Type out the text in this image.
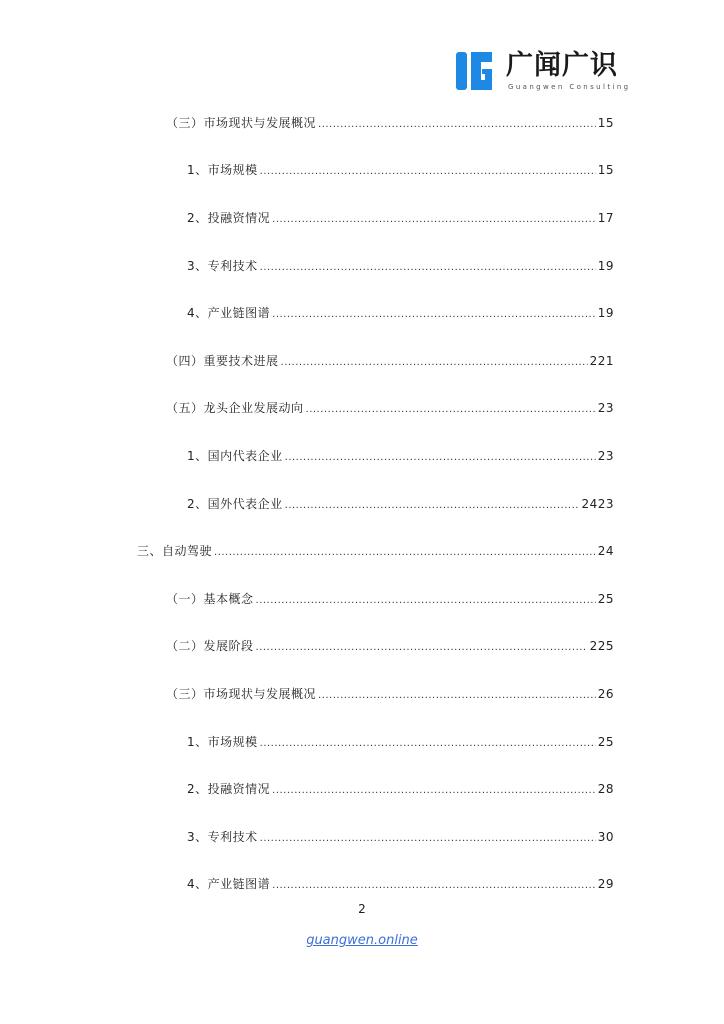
广闻广识
Guangwen Consulting
（三）市场现状与发展概况 .....	15
1、市场规模 .....	15
2、投融资情况 .....	17
3、专利技术 .....	19
4、产业链图谱 .....	19
（四）重要技术进展 .....	221
（五）龙头企业发展动向 .....	23
1、国内代表企业 .....	23
2、国外代表企业 .....	2423
三、自动驾驶 .....	24
（一）基本概念 .....	25
（二）发展阶段 .....	225
（三）市场现状与发展概况 .....	26
1、市场规模 .....	25
2、投融资情况 .....	28
3、专利技术 .....	30
4、产业链图谱 .....	29
2
guangwen.online
